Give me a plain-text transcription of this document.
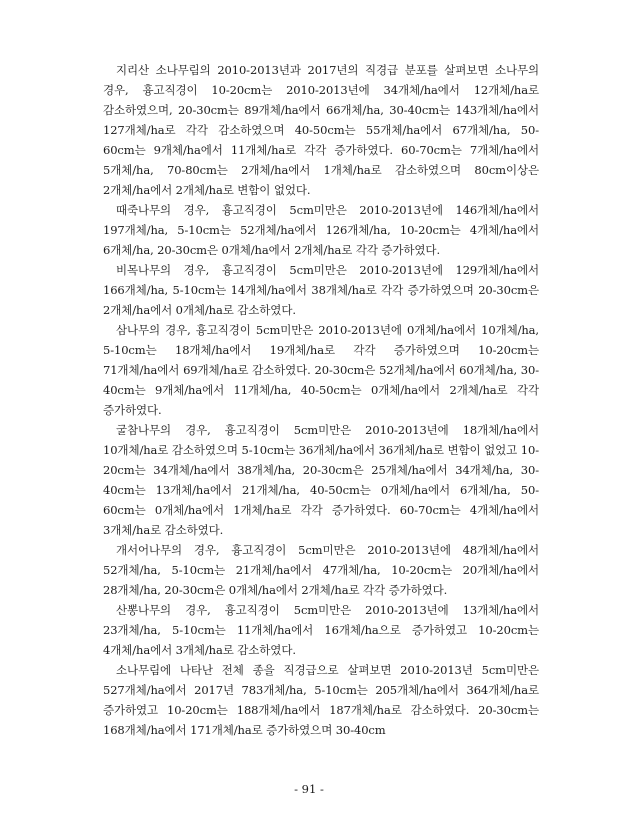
지리산 소나무림의 2010-2013년과 2017년의 직경급 분포를 살펴보면 소나무의 경우, 흉고직경이 10-20cm는 2010-2013년에 34개체/ha에서 12개체/ha로 감소하였으며, 20-30cm는 89개체/ha에서 66개체/ha, 30-40cm는 143개체/ha에서 127개체/ha로 각각 감소하였으며 40-50cm는 55개체/ha에서 67개체/ha, 50-60cm는 9개체/ha에서 11개체/ha로 각각 증가하였다. 60-70cm는 7개체/ha에서 5개체/ha, 70-80cm는 2개체/ha에서 1개체/ha로 감소하였으며 80cm이상은 2개체/ha에서 2개체/ha로 변함이 없었다.

때죽나무의 경우, 흉고직경이 5cm미만은 2010-2013년에 146개체/ha에서 197개체/ha, 5-10cm는 52개체/ha에서 126개체/ha, 10-20cm는 4개체/ha에서 6개체/ha, 20-30cm은 0개체/ha에서 2개체/ha로 각각 증가하였다.

비목나무의 경우, 흉고직경이 5cm미만은 2010-2013년에 129개체/ha에서 166개체/ha, 5-10cm는 14개체/ha에서 38개체/ha로 각각 증가하였으며 20-30cm은 2개체/ha에서 0개체/ha로 감소하였다.

삼나무의 경우, 흉고직경이 5cm미만은 2010-2013년에 0개체/ha에서 10개체/ha, 5-10cm는 18개체/ha에서 19개체/ha로 각각 증가하였으며 10-20cm는 71개체/ha에서 69개체/ha로 감소하였다. 20-30cm은 52개체/ha에서 60개체/ha, 30-40cm는 9개체/ha에서 11개체/ha, 40-50cm는 0개체/ha에서 2개체/ha로 각각 증가하였다.

굴참나무의 경우, 흉고직경이 5cm미만은 2010-2013년에 18개체/ha에서 10개체/ha로 감소하였으며 5-10cm는 36개체/ha에서 36개체/ha로 변함이 없었고 10-20cm는 34개체/ha에서 38개체/ha, 20-30cm은 25개체/ha에서 34개체/ha, 30-40cm는 13개체/ha에서 21개체/ha, 40-50cm는 0개체/ha에서 6개체/ha, 50-60cm는 0개체/ha에서 1개체/ha로 각각 증가하였다. 60-70cm는 4개체/ha에서 3개체/ha로 감소하였다.

개서어나무의 경우, 흉고직경이 5cm미만은 2010-2013년에 48개체/ha에서 52개체/ha, 5-10cm는 21개체/ha에서 47개체/ha, 10-20cm는 20개체/ha에서 28개체/ha, 20-30cm은 0개체/ha에서 2개체/ha로 각각 증가하였다.

산뽕나무의 경우, 흉고직경이 5cm미만은 2010-2013년에 13개체/ha에서 23개체/ha, 5-10cm는 11개체/ha에서 16개체/ha으로 증가하였고 10-20cm는 4개체/ha에서 3개체/ha로 감소하였다.

소나무림에 나타난 전체 종을 직경급으로 살펴보면 2010-2013년 5cm미만은 527개체/ha에서 2017년 783개체/ha, 5-10cm는 205개체/ha에서 364개체/ha로 증가하였고 10-20cm는 188개체/ha에서 187개체/ha로 감소하였다. 20-30cm는 168개체/ha에서 171개체/ha로 증가하였으며 30-40cm

- 91 -
